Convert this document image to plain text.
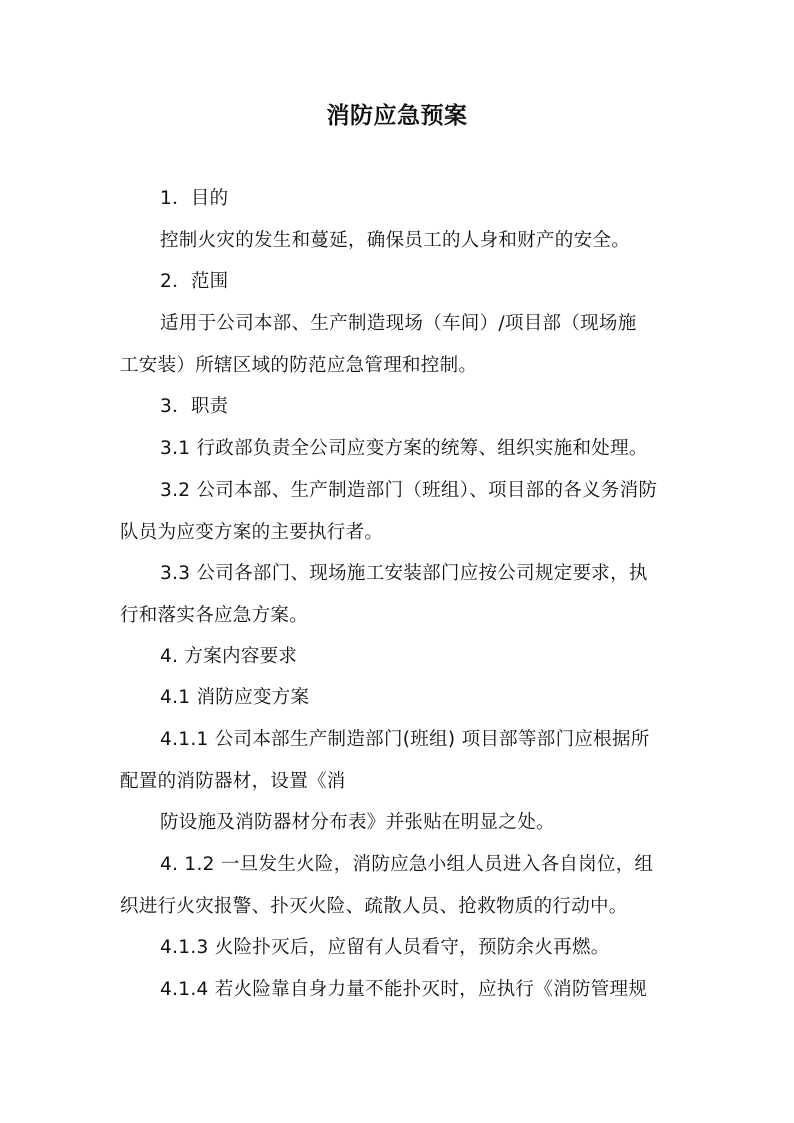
消防应急预案
1．目的
控制火灾的发生和蔓延，确保员工的人身和财产的安全。
2．范围
适用于公司本部、生产制造现场（车间）/项目部（现场施
工安装）所辖区域的防范应急管理和控制。
3．职责
3.1 行政部负责全公司应变方案的统筹、组织实施和处理。
3.2 公司本部、生产制造部门（班组）、项目部的各义务消防
队员为应变方案的主要执行者。
3.3 公司各部门、现场施工安装部门应按公司规定要求，执
行和落实各应急方案。
4. 方案内容要求
4.1 消防应变方案
4.1.1 公司本部生产制造部门(班组) 项目部等部门应根据所
配置的消防器材，设置《消
防设施及消防器材分布表》并张贴在明显之处。
4. 1.2 一旦发生火险，消防应急小组人员进入各自岗位，组
织进行火灾报警、扑灭火险、疏散人员、抢救物质的行动中。
4.1.3 火险扑灭后，应留有人员看守，预防余火再燃。
4.1.4 若火险靠自身力量不能扑灭时，应执行《消防管理规
